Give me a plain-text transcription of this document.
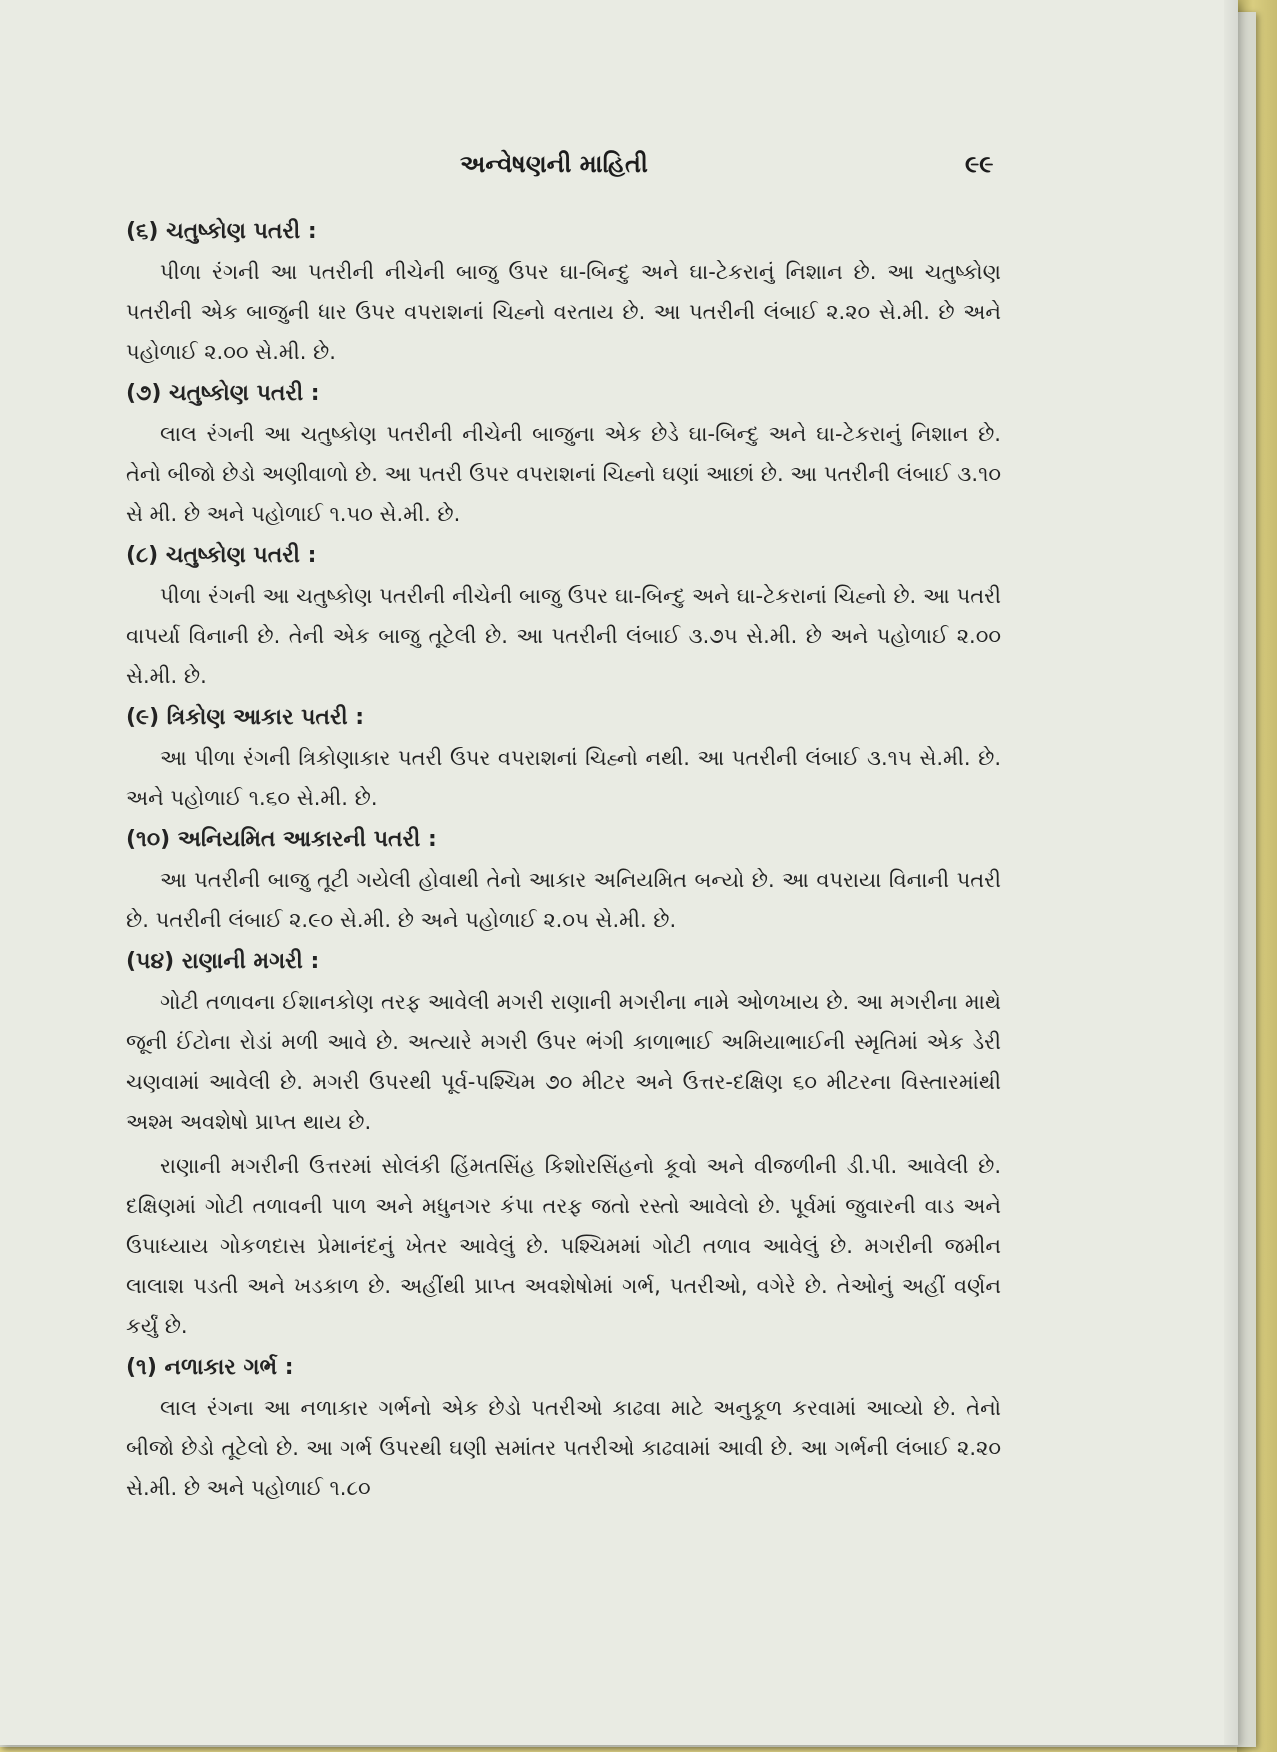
અન્વેષણની માહિતી	૯૯
(૬) ચતુષ્કોણ પતરી :

પીળા રંગની આ પતરીની નીચેની બાજુ ઉપર ઘા-બિન્દુ અને ઘા-ટેકરાનું નિશાન છે. આ ચતુષ્કોણ પતરીની એક બાજુની ધાર ઉપર વપરાશનાં ચિહ્નો વરતાય છે. આ પતરીની લંબાઈ ૨.૨૦ સે.મી. છે અને પહોળાઈ ૨.૦૦ સે.મી. છે.

(૭) ચતુષ્કોણ પતરી :

લાલ રંગની આ ચતુષ્કોણ પતરીની નીચેની બાજુના એક છેડે ઘા-બિન્દુ અને ઘા-ટેકરાનું નિશાન છે. તેનો બીજો છેડો અણીવાળો છે. આ પતરી ઉપર વપરાશનાં ચિહ્નો ઘણાં આછાં છે. આ પતરીની લંબાઈ ૩.૧૦ સે મી. છે અને પહોળાઈ ૧.૫૦ સે.મી. છે.

(૮) ચતુષ્કોણ પતરી :

પીળા રંગની આ ચતુષ્કોણ પતરીની નીચેની બાજુ ઉપર ઘા-બિન્દુ અને ઘા-ટેકરાનાં ચિહ્નો છે. આ પતરી વાપર્યા વિનાની છે. તેની એક બાજુ તૂટેલી છે. આ પતરીની લંબાઈ ૩.૭૫ સે.મી. છે અને પહોળાઈ ૨.૦૦ સે.મી. છે.

(૯) ત્રિકોણ આકાર પતરી :

આ પીળા રંગની ત્રિકોણાકાર પતરી ઉપર વપરાશનાં ચિહ્નો નથી. આ પતરીની લંબાઈ ૩.૧૫ સે.મી. છે. અને પહોળાઈ ૧.૬૦ સે.મી. છે.

(૧૦) અનિયમિત આકારની પતરી :

આ પતરીની બાજુ તૂટી ગયેલી હોવાથી તેનો આકાર અનિયમિત બન્યો છે. આ વપરાયા વિનાની પતરી છે. પતરીની લંબાઈ ૨.૯૦ સે.મી. છે અને પહોળાઈ ૨.૦૫ સે.મી. છે.

(૫૪) રાણાની મગરી :

ગોટી તળાવના ઈશાનકોણ તરફ આવેલી મગરી રાણાની મગરીના નામે ઓળખાય છે. આ મગરીના માથે જૂની ઈંટોના રોડાં મળી આવે છે. અત્યારે મગરી ઉપર ભંગી કાળાભાઈ અમિયાભાઈની સ્મૃતિમાં એક ડેરી ચણવામાં આવેલી છે. મગરી ઉપરથી પૂર્વ-પશ્ચિમ ૭૦ મીટર અને ઉત્તર-દક્ષિણ ૬૦ મીટરના વિસ્તારમાંથી અશ્મ અવશેષો પ્રાપ્ત થાય છે.

રાણાની મગરીની ઉત્તરમાં સોલંકી હિંમતસિંહ કિશોરસિંહનો કૂવો અને વીજળીની ડી.પી. આવેલી છે. દક્ષિણમાં ગોટી તળાવની પાળ અને મધુનગર કંપા તરફ જતો રસ્તો આવેલો છે. પૂર્વમાં જુવારની વાડ અને ઉપાધ્યાય ગોકળદાસ પ્રેમાનંદનું ખેતર આવેલું છે. પશ્ચિમમાં ગોટી તળાવ આવેલું છે. મગરીની જમીન લાલાશ પડતી અને ખડકાળ છે. અહીંથી પ્રાપ્ત અવશેષોમાં ગર્ભ, પતરીઓ, વગેરે છે. તેઓનું અહીં વર્ણન કર્યું છે.

(૧) નળાકાર ગર્ભ :

લાલ રંગના આ નળાકાર ગર્ભનો એક છેડો પતરીઓ કાઢવા માટે અનુકૂળ કરવામાં આવ્યો છે. તેનો બીજો છેડો તૂટેલો છે. આ ગર્ભ ઉપરથી ઘણી સમાંતર પતરીઓ કાઢવામાં આવી છે. આ ગર્ભની લંબાઈ ૨.૨૦ સે.મી. છે અને પહોળાઈ ૧.૮૦
